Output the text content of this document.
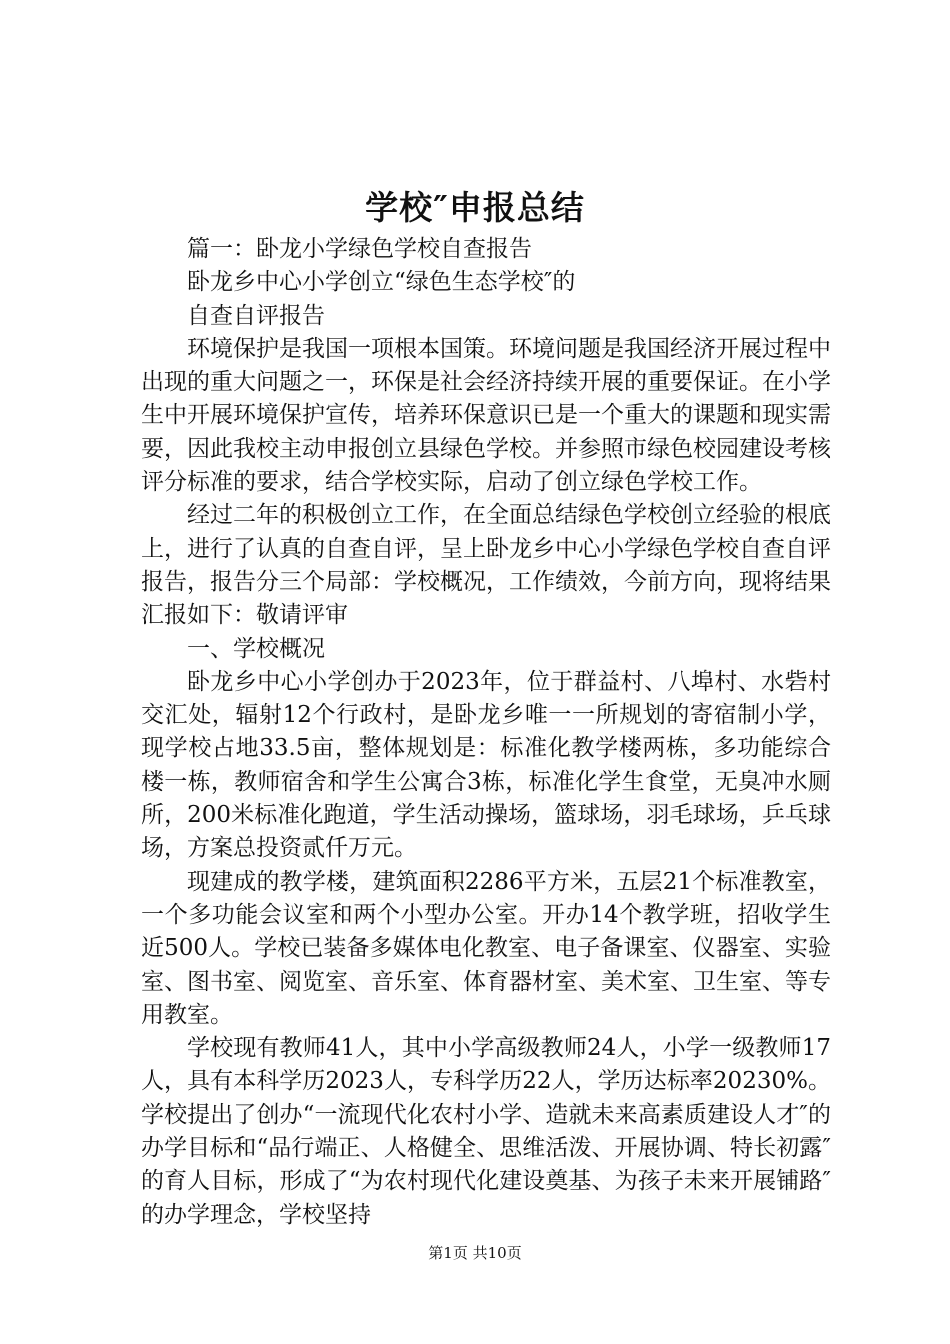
学校″申报总结

篇一：卧龙小学绿色学校自查报告

卧龙乡中心小学创立“绿色生态学校″的

自查自评报告

环境保护是我国一项根本国策。环境问题是我国经济开展过程中出现的重大问题之一，环保是社会经济持续开展的重要保证。在小学生中开展环境保护宣传，培养环保意识已是一个重大的课题和现实需要，因此我校主动申报创立县绿色学校。并参照市绿色校园建设考核评分标准的要求，结合学校实际，启动了创立绿色学校工作。

经过二年的积极创立工作，在全面总结绿色学校创立经验的根底上，进行了认真的自查自评，呈上卧龙乡中心小学绿色学校自查自评报告，报告分三个局部：学校概况，工作绩效，今前方向，现将结果汇报如下：敬请评审

一、学校概况

卧龙乡中心小学创办于2023年，位于群益村、八埠村、水砦村交汇处，辐射12个行政村，是卧龙乡唯一一所规划的寄宿制小学，现学校占地33.5亩，整体规划是：标准化教学楼两栋，多功能综合楼一栋，教师宿舍和学生公寓合3栋，标准化学生食堂，无臭冲水厕所，200米标准化跑道，学生活动操场，篮球场，羽毛球场，乒乓球场，方案总投资贰仟万元。

现建成的教学楼，建筑面积2286平方米，五层21个标准教室，一个多功能会议室和两个小型办公室。开办14个教学班，招收学生近500人。学校已装备多媒体电化教室、电子备课室、仪器室、实验室、图书室、阅览室、音乐室、体育器材室、美术室、卫生室、等专用教室。

学校现有教师41人，其中小学高级教师24人，小学一级教师17人，具有本科学历2023人，专科学历22人，学历达标率20230%。学校提出了创办“一流现代化农村小学、造就未来高素质建设人才″的办学目标和“品行端正、人格健全、思维活泼、开展协调、特长初露″的育人目标，形成了“为农村现代化建设奠基、为孩子未来开展铺路″的办学理念，学校坚持

第1页 共10页
